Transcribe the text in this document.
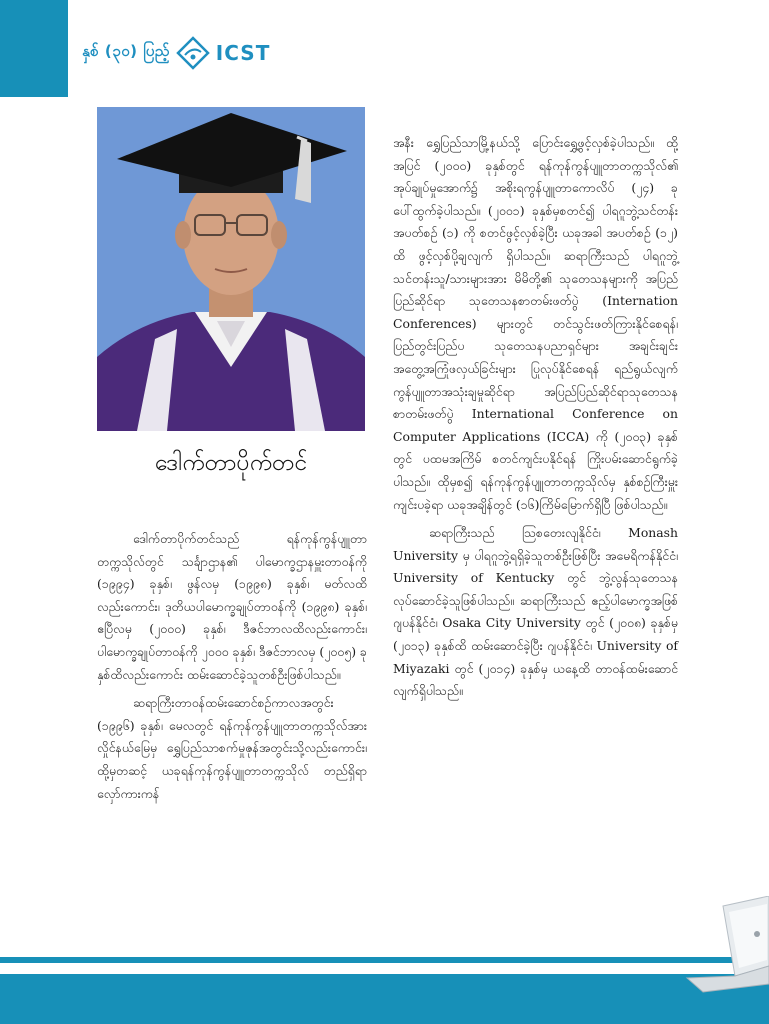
နှစ် (၃၀) ပြည့် ICST
ဒေါက်တာပိုက်တင်

ဒေါက်တာပိုက်တင်သည် ရန်ကုန်ကွန်ပျူတာတက္ကသိုလ်တွင် သင်္ချာဌာန၏ ပါမောက္ခဌာနမှူးတာဝန်ကို (၁၉၉၄) ခုနှစ်၊ ဖွန်လမှ (၁၉၉၈) ခုနှစ်၊ မတ်လထိလည်းကောင်း၊ ဒုတိယပါမောက္ခချုပ်တာဝန်ကို (၁၉၉၈) ခုနှစ်၊ ဧပြီလမှ (၂၀၀၀) ခုနှစ်၊ ဒီဇင်ဘာလထိလည်းကောင်း၊ ပါမောက္ခချုပ်တာဝန်ကို ၂၀၀၀ ခုနှစ်၊ ဒီဇင်ဘာလမှ (၂၀၀၅) ခုနှစ်ထိလည်းကောင်း ထမ်းဆောင်ခဲ့သူတစ်ဦးဖြစ်ပါသည်။

ဆရာကြီးတာဝန်ထမ်းဆောင်စဉ်ကာလအတွင်း (၁၉၉၆) ခုနှစ်၊ မေလတွင် ရန်ကုန်ကွန်ပျူတာတက္ကသိုလ်အား လှိုင်နယ်မြေမှ ရွှေပြည်သာစက်မှုဇုန်အတွင်းသို့လည်းကောင်း၊ ထို့မှတဆင့် ယခုရန်ကုန်ကွန်ပျူတာတက္ကသိုလ် တည်ရှိရာ လှော်ကားကန်

အနီး ရွှေပြည်သာမြို့နယ်သို့ ပြောင်းရွှေ့ဖွင့်လှစ်ခဲ့ပါသည်။ ထို့အပြင် (၂၀၀၀) ခုနှစ်တွင် ရန်ကုန်ကွန်ပျူတာတက္ကသိုလ်၏ အုပ်ချုပ်မှုအောက်၌ အစိုးရကွန်ပျူတာကောလိပ် (၂၄) ခု ပေါ်ထွက်ခဲ့ပါသည်။ (၂၀၀၁) ခုနှစ်မှစတင်၍ ပါရဂူဘွဲ့သင်တန်းအပတ်စဉ် (၁) ကို စတင်ဖွင့်လှစ်ခဲ့ပြီး ယခုအခါ အပတ်စဉ် (၁၂) ထိ ဖွင့်လှစ်ပို့ချလျက် ရှိပါသည်။ ဆရာကြီးသည် ပါရဂူဘွဲ့သင်တန်းသူ/သားများအား မိမိတို့၏ သုတေသနများကို အပြည်ပြည်ဆိုင်ရာ သုတေသနစာတမ်းဖတ်ပွဲ (Internation Conferences) များတွင် တင်သွင်းဖတ်ကြားနိုင်စေရန်၊ ပြည်တွင်းပြည်ပ သုတေသနပညာရှင်များ အချင်းချင်း အတွေ့အကြုံဖလှယ်ခြင်းများ ပြုလုပ်နိုင်စေရန် ရည်ရွယ်လျက် ကွန်ပျူတာအသုံးချမှုဆိုင်ရာ အပြည်ပြည်ဆိုင်ရာသုတေသနစာတမ်းဖတ်ပွဲ International Conference on Computer Applications (ICCA) ကို (၂၀၀၃) ခုနှစ်တွင် ပထမအကြိမ် စတင်ကျင်းပနိုင်ရန် ကြိုးပမ်းဆောင်ရွက်ခဲ့ပါသည်။ ထိုမှစ၍ ရန်ကုန်ကွန်ပျူတာတက္ကသိုလ်မှ နှစ်စဉ်ကြီးမှူးကျင်းပခဲ့ရာ ယခုအချိန်တွင် (၁၆)ကြိမ်မြောက်ရှိပြီ ဖြစ်ပါသည်။

ဆရာကြီးသည် သြစတေးလျနိုင်ငံ၊ Monash University မှ ပါရဂူဘွဲ့ရရှိခဲ့သူတစ်ဦးဖြစ်ပြီး အမေရိကန်နိုင်ငံ၊ University of Kentucky တွင် ဘွဲ့လွန်သုတေသနလုပ်ဆောင်ခဲ့သူဖြစ်ပါသည်။ ဆရာကြီးသည် ဧည့်ပါမောက္ခအဖြစ် ဂျပန်နိုင်ငံ၊ Osaka City University တွင် (၂၀၀၈) ခုနှစ်မှ (၂၀၁၃) ခုနှစ်ထိ ထမ်းဆောင်ခဲ့ပြီး ဂျပန်နိုင်ငံ၊ University of Miyazaki တွင် (၂၀၁၄) ခုနှစ်မှ ယနေ့ထိ တာဝန်ထမ်းဆောင်လျက်ရှိပါသည်။
